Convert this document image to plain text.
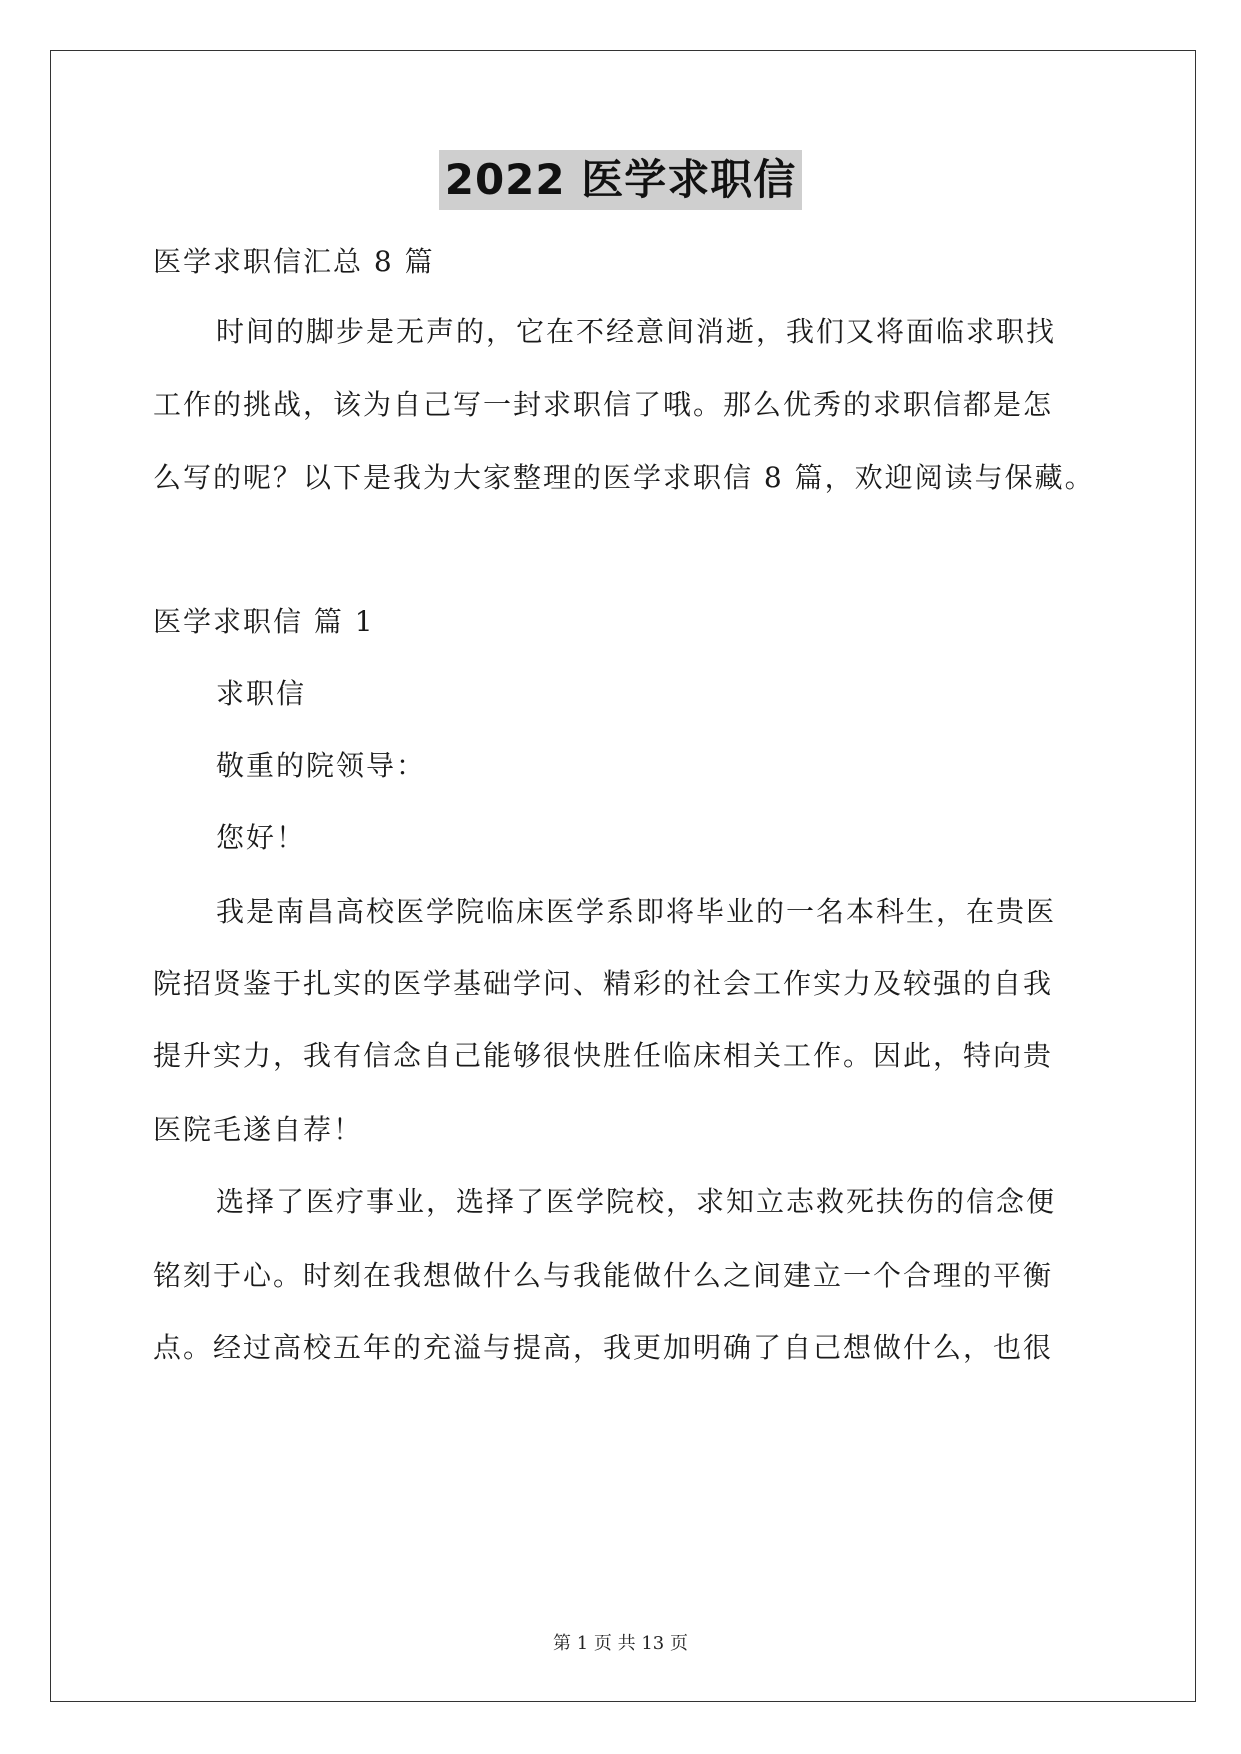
2022 医学求职信
医学求职信汇总 8 篇
时间的脚步是无声的，它在不经意间消逝，我们又将面临求职找
工作的挑战，该为自己写一封求职信了哦。那么优秀的求职信都是怎
么写的呢？以下是我为大家整理的医学求职信 8 篇，欢迎阅读与保藏。
医学求职信 篇 1
求职信
敬重的院领导：
您好！
我是南昌高校医学院临床医学系即将毕业的一名本科生，在贵医
院招贤鉴于扎实的医学基础学问、精彩的社会工作实力及较强的自我
提升实力，我有信念自己能够很快胜任临床相关工作。因此，特向贵
医院毛遂自荐！
选择了医疗事业，选择了医学院校，求知立志救死扶伤的信念便
铭刻于心。时刻在我想做什么与我能做什么之间建立一个合理的平衡
点。经过高校五年的充溢与提高，我更加明确了自己想做什么，也很
第 1 页 共 13 页
